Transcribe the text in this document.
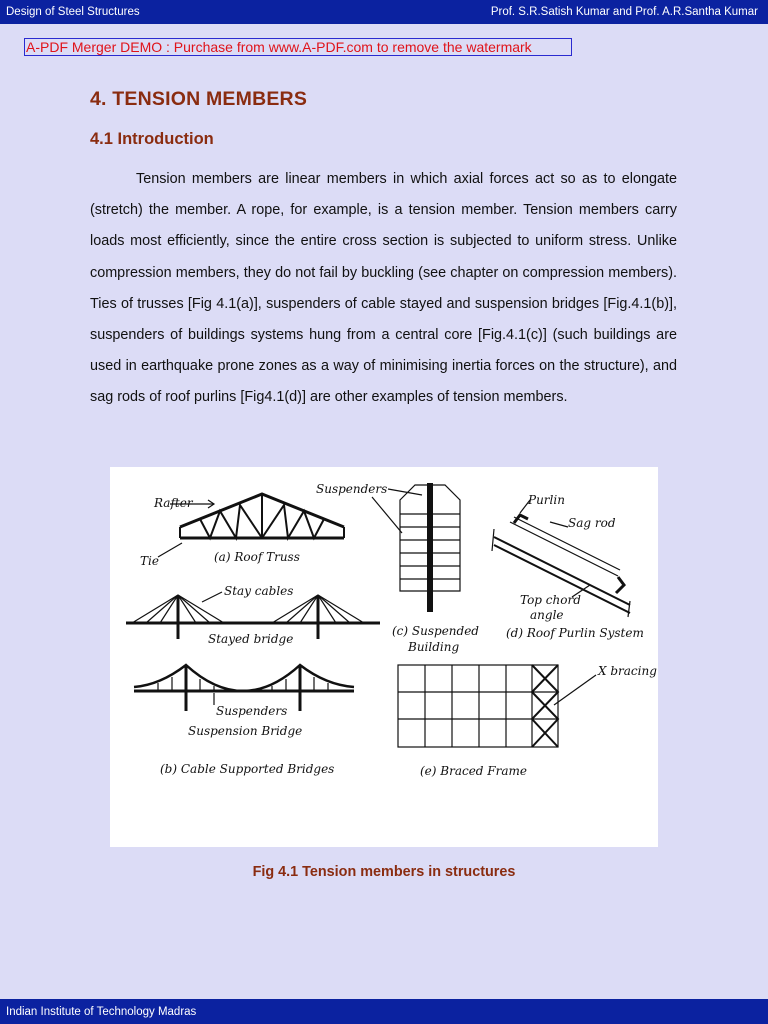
Design of Steel Structures	Prof. S.R.Satish Kumar and Prof. A.R.Santha Kumar
A-PDF Merger DEMO : Purchase from www.A-PDF.com to remove the watermark
4. TENSION MEMBERS
4.1 Introduction

Tension members are linear members in which axial forces act so as to elongate (stretch) the member. A rope, for example, is a tension member. Tension members carry loads most efficiently, since the entire cross section is subjected to uniform stress. Unlike compression members, they do not fail by buckling (see chapter on compression members). Ties of trusses [Fig 4.1(a)], suspenders of cable stayed and suspension bridges [Fig.4.1(b)], suspenders of buildings systems hung from a central core [Fig.4.1(c)] (such buildings are used in earthquake prone zones as a way of minimising inertia forces on the structure), and sag rods of roof purlins [Fig4.1(d)] are other examples of tension members.

Rafter
Tie	(a) Roof Truss
Suspenders
Stay cables
Stayed bridge
(c) Suspended
Building
Purlin
Sag rod
Top chord
angle
(d) Roof Purlin System
Suspenders
Suspension Bridge
(b) Cable Supported Bridges
X bracing
(e) Braced Frame
Fig 4.1 Tension members in structures
Indian Institute of Technology Madras
